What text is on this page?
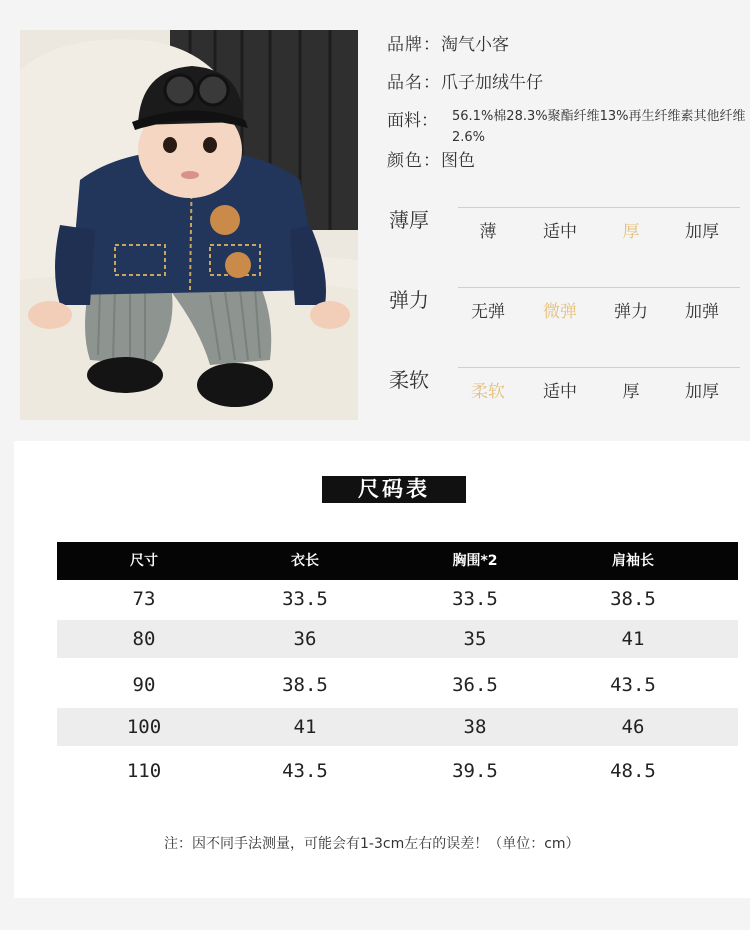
品牌：淘气小客
品名：爪子加绒牛仔
面料： 56.1%棉28.3%聚酯纤维13%再生纤维素其他纤维2.6%
颜色：图色
薄厚	薄	适中	厚	加厚
弹力	无弹	微弹	弹力	加弹
柔软	柔软	适中	厚	加厚
尺码表
尺寸	衣长	胸围*2	肩袖长
73	33.5	33.5	38.5
80	36	35	41
90	38.5	36.5	43.5
100	41	38	46
110	43.5	39.5	48.5
注：因不同手法测量，可能会有1-3cm左右的误差！（单位：cm）
